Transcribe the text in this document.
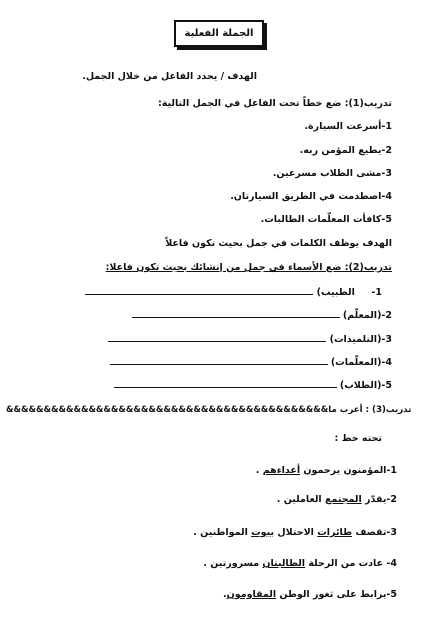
الجملة الفعلية
الهدف / يحدد الفاعل من خلال الجمل.
تدريب(1): ضع خطاً تحت الفاعل في الجمل التالية:
1-أسرعت السيارة.
2-يطيع المؤمن ربه.
3-مشى الطلاب مسرعين.
4-اصطدمت في الطريق السيارتان.
5-كافأت المعلّمات الطالبات.
الهدف يوظف الكلمات في جمل بحيث تكون فاعلاً
تدريب(2): ضع الأسماء في جمل من إنشائك بحيث تكون فاعلا:
1-     الطبيب)
2-(المعلّم)
3-(التلميذات)
4-(المعلّمات)
5-(الطلاب)
&&&&&&&&&&&&&&&&&&&&&&&&&&&&&&&&&&&&&&&&&&&تدريب(3) : أعرب ما
تحته خط :
1-المؤمنون يرحمون أعداءهم .
2-يقدّر المجتمع العاملين .
3-تقصف طائرات الاحتلال بيوت المواطنين .
4- عادت من الرحلة الطالبتان مسرورتين .
5-يرابط على ثغور الوطن المقاومون.
